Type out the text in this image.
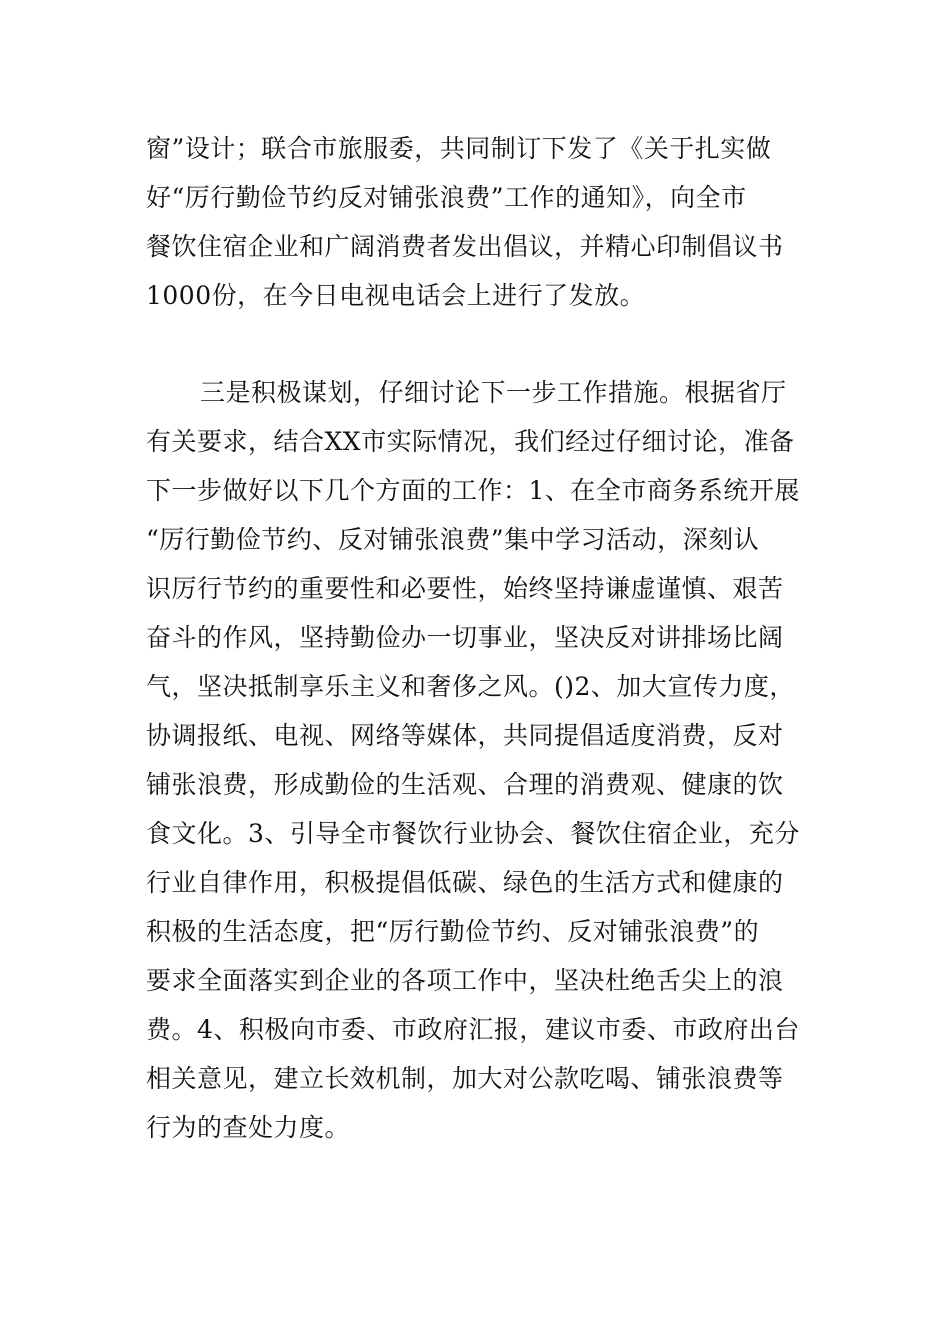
窗”设计；联合市旅服委，共同制订下发了《关于扎实做

好“厉行勤俭节约反对铺张浪费”工作的通知》，向全市

餐饮住宿企业和广阔消费者发出倡议，并精心印制倡议书

1000份，在今日电视电话会上进行了发放。

三是积极谋划，仔细讨论下一步工作措施。根据省厅

有关要求，结合XX市实际情况，我们经过仔细讨论，准备

下一步做好以下几个方面的工作：1、在全市商务系统开展

“厉行勤俭节约、反对铺张浪费”集中学习活动，深刻认

识厉行节约的重要性和必要性，始终坚持谦虚谨慎、艰苦

奋斗的作风，坚持勤俭办一切事业，坚决反对讲排场比阔

气，坚决抵制享乐主义和奢侈之风。()2、加大宣传力度，

协调报纸、电视、网络等媒体，共同提倡适度消费，反对

铺张浪费，形成勤俭的生活观、合理的消费观、健康的饮

食文化。3、引导全市餐饮行业协会、餐饮住宿企业，充分

行业自律作用，积极提倡低碳、绿色的生活方式和健康的

积极的生活态度，把“厉行勤俭节约、反对铺张浪费”的

要求全面落实到企业的各项工作中，坚决杜绝舌尖上的浪

费。4、积极向市委、市政府汇报，建议市委、市政府出台

相关意见，建立长效机制，加大对公款吃喝、铺张浪费等

行为的查处力度。
